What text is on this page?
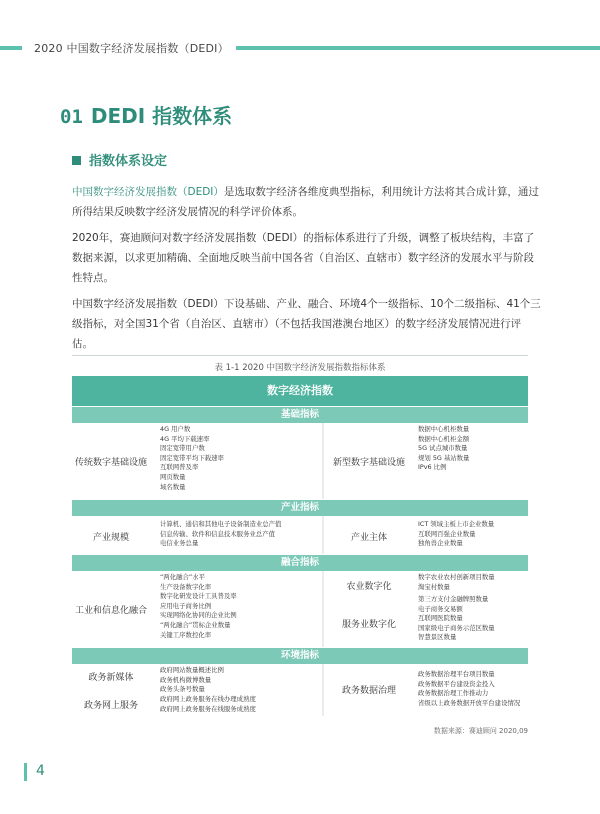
2020 中国数字经济发展指数（DEDI）
01 DEDI 指数体系
指数体系设定
中国数字经济发展指数（DEDI）是选取数字经济各维度典型指标，利用统计方法将其合成计算，通过所得结果反映数字经济发展情况的科学评价体系。
2020年，赛迪顾问对数字经济发展指数（DEDI）的指标体系进行了升级，调整了板块结构，丰富了数据来源，以求更加精确、全面地反映当前中国各省（自治区、直辖市）数字经济的发展水平与阶段性特点。
中国数字经济发展指数（DEDI）下设基础、产业、融合、环境4个一级指标、10个二级指标、41个三级指标，对全国31个省（自治区、直辖市）（不包括我国港澳台地区）的数字经济发展情况进行评估。
表 1-1 2020 中国数字经济发展指数指标体系
数字经济指数
基础指标
传统数字基础设施
4G 用户数
4G 平均下载速率
固定宽带用户数
固定宽带平均下载速率
互联网普及率
网页数量
域名数量
新型数字基础设施
数据中心机柜数量
数据中心机柜金额
5G 试点城市数量
规划 5G 基站数量
IPv6 比例
产业指标
产业规模
计算机、通信和其他电子设备制造业总产值
信息传输、软件和信息技术服务业总产值
电信业务总量
产业主体
ICT 领域主板上市企业数量
互联网百强企业数量
独角兽企业数量
融合指标
工业和信息化融合
“两化融合”水平
生产设备数字化率
数字化研发设计工具普及率
应用电子商务比例
实现网络化协同的企业比例
“两化融合”贯标企业数量
关键工序数控化率
农业数字化
数字农业农村创新项目数量
淘宝村数量
服务业数字化
第三方支付金融牌照数量
电子商务交易额
互联网医院数量
国家级电子商务示范区数量
智慧景区数量
环境指标
政务新媒体
政府网站数量概述比例
政务机构微博数量
政务头条号数量
政务网上服务
政府网上政务服务在线办理成熟度
政府网上政务服务在线服务成熟度
政务数据治理
政务数据治理平台项目数量
政务数据平台建设资金投入
政务数据治理工作推动力
省级以上政务数据开放平台建设情况
数据来源：赛迪顾问 2020,09
4
